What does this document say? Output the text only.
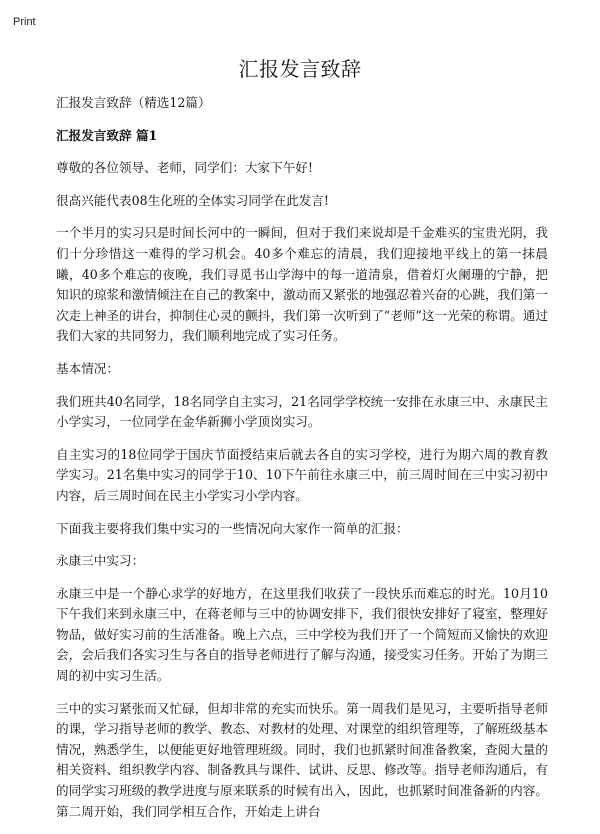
Print
汇报发言致辞

汇报发言致辞（精选12篇）

汇报发言致辞 篇1

尊敬的各位领导、老师，同学们：大家下午好!

很高兴能代表08生化班的全体实习同学在此发言!

一个半月的实习只是时间长河中的一瞬间，但对于我们来说却是千金难买的宝贵光阴，我们十分珍惜这一难得的学习机会。40多个难忘的清晨，我们迎接地平线上的第一抹晨曦，40多个难忘的夜晚，我们寻觅书山学海中的每一道清泉，借着灯火阑珊的宁静，把知识的琼浆和激情倾注在自己的教案中，激动而又紧张的地强忍着兴奋的心跳，我们第一次走上神圣的讲台，抑制住心灵的颤抖，我们第一次听到了“老师”这一光荣的称谓。通过我们大家的共同努力，我们顺利地完成了实习任务。

基本情况：

我们班共40名同学，18名同学自主实习，21名同学学校统一安排在永康三中、永康民主小学实习，一位同学在金华新狮小学顶岗实习。

自主实习的18位同学于国庆节面授结束后就去各自的实习学校，进行为期六周的教育教学实习。21名集中实习的同学于10、10下午前往永康三中，前三周时间在三中实习初中内容，后三周时间在民主小学实习小学内容。

下面我主要将我们集中实习的一些情况向大家作一简单的汇报：

永康三中实习：

永康三中是一个静心求学的好地方，在这里我们收获了一段快乐而难忘的时光。10月10下午我们来到永康三中，在蒋老师与三中的协调安排下，我们很快安排好了寝室，整理好物品，做好实习前的生活准备。晚上六点，三中学校为我们开了一个简短而又愉快的欢迎会，会后我们各实习生与各自的指导老师进行了解与沟通，接受实习任务。开始了为期三周的初中实习生活。

三中的实习紧张而又忙碌，但却非常的充实而快乐。第一周我们是见习，主要听指导老师的课，学习指导老师的教学、教态、对教材的处理、对课堂的组织管理等，了解班级基本情况，熟悉学生，以便能更好地管理班级。同时，我们也抓紧时间准备教案，查阅大量的相关资料、组织教学内容、制备教具与课件、试讲、反思、修改等。指导老师沟通后，有的同学实习班级的教学进度与原来联系的时候有出入，因此，也抓紧时间准备新的内容。第二周开始，我们同学相互合作，开始走上讲台
